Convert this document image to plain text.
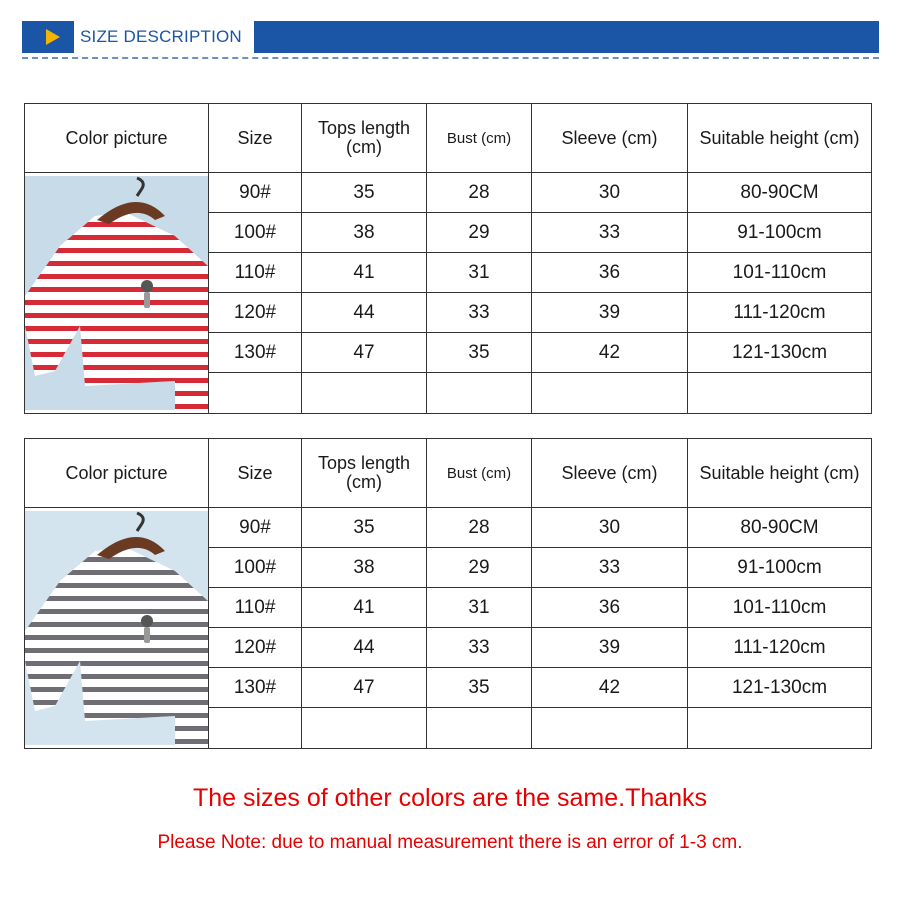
SIZE DESCRIPTION
Color picture	Size	Tops length (cm)	Bust (cm)	Sleeve (cm)	Suitable height (cm)

	90#	35	28	30	80-90CM
	100#	38	29	33	91-100cm
	110#	41	31	36	101-110cm
	120#	44	33	39	111-120cm
	130#	47	35	42	121-130cm

Color picture	Size	Tops length (cm)	Bust (cm)	Sleeve (cm)	Suitable height (cm)

	90#	35	28	30	80-90CM
	100#	38	29	33	91-100cm
	110#	41	31	36	101-110cm
	120#	44	33	39	111-120cm
	130#	47	35	42	121-130cm

The sizes of other colors are the same.Thanks
Please Note: due to manual measurement there is an error of 1-3 cm.
